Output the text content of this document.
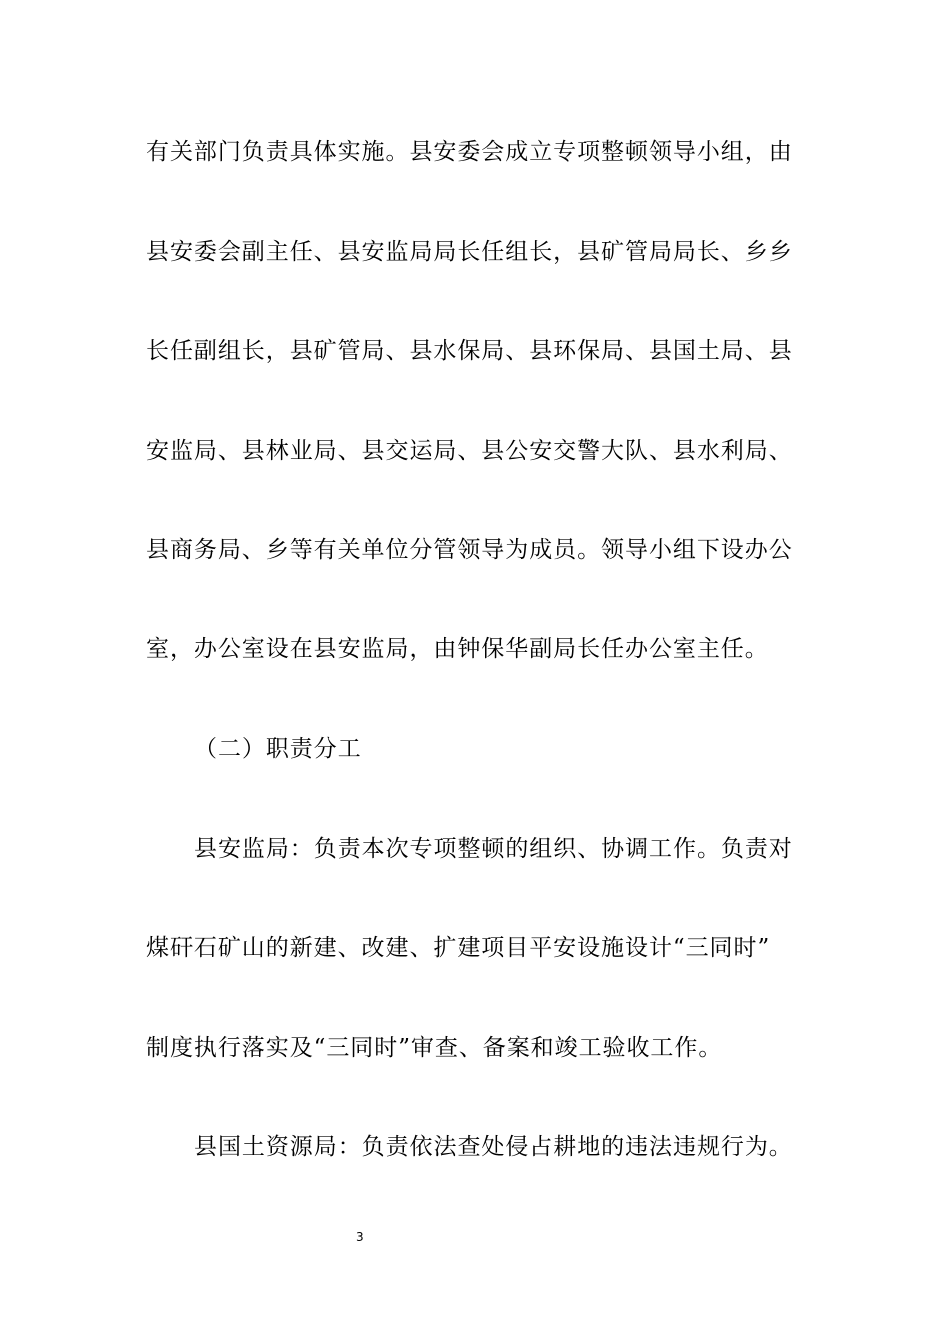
有关部门负责具体实施。县安委会成立专项整顿领导小组，由
县安委会副主任、县安监局局长任组长，县矿管局局长、乡乡
长任副组长，县矿管局、县水保局、县环保局、县国土局、县
安监局、县林业局、县交运局、县公安交警大队、县水利局、
县商务局、乡等有关单位分管领导为成员。领导小组下设办公
室，办公室设在县安监局，由钟保华副局长任办公室主任。
（二）职责分工
县安监局：负责本次专项整顿的组织、协调工作。负责对
煤矸石矿山的新建、改建、扩建项目平安设施设计“三同时”
制度执行落实及“三同时”审查、备案和竣工验收工作。
县国土资源局：负责依法查处侵占耕地的违法违规行为。
3
